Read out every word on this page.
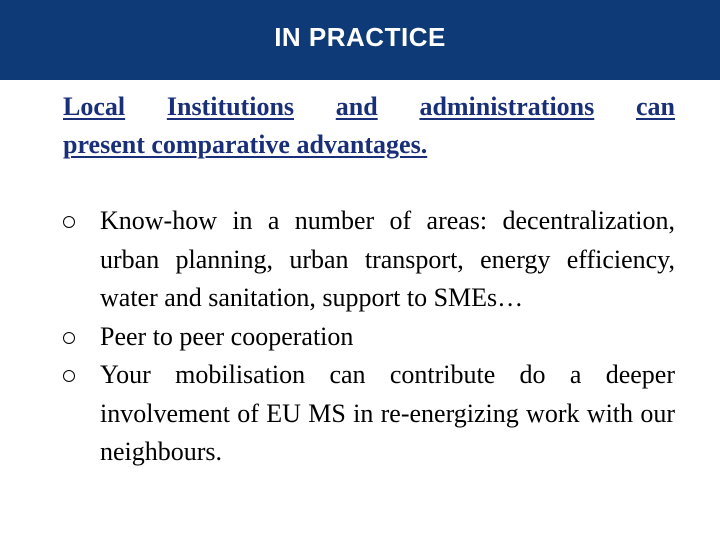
IN PRACTICE
Local Institutions and administrations can
present comparative advantages.
Know-how in a number of areas: decentralization, urban planning, urban transport, energy efficiency, water and sanitation, support to SMEs…
Peer to peer cooperation
Your mobilisation can contribute do a deeper involvement of EU MS in re-energizing work with our neighbours.
